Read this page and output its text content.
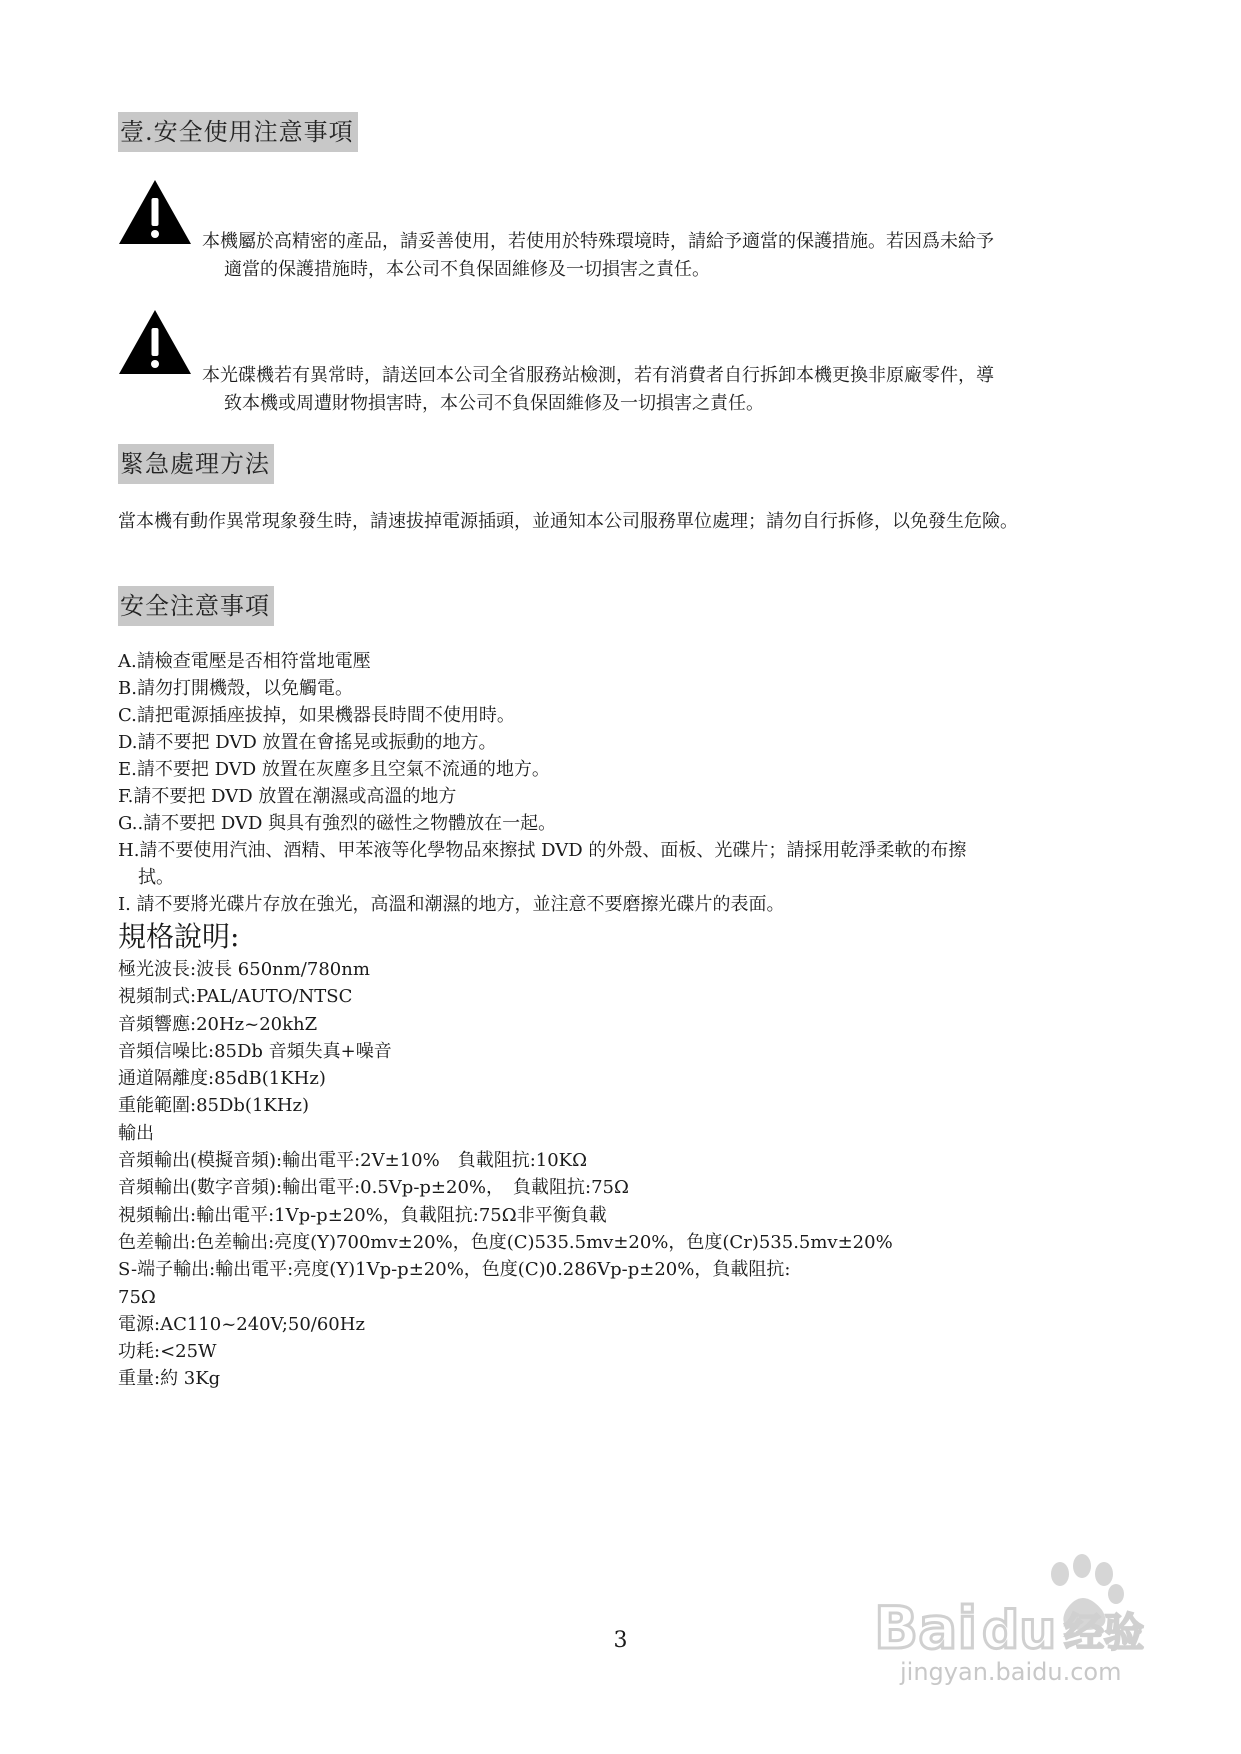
壹.安全使用注意事項
本機屬於高精密的產品，請妥善使用，若使用於特殊環境時，請給予適當的保護措施。若因爲未給予
適當的保護措施時，本公司不負保固維修及一切損害之責任。
本光碟機若有異常時，請送回本公司全省服務站檢測，若有消費者自行拆卸本機更換非原廠零件，導
致本機或周遭財物損害時，本公司不負保固維修及一切損害之責任。
緊急處理方法
當本機有動作異常現象發生時，請速拔掉電源插頭，並通知本公司服務單位處理；請勿自行拆修，以免發生危險。
安全注意事項
A.請檢查電壓是否相符當地電壓
B.請勿打開機殼，以免觸電。
C.請把電源插座拔掉，如果機器長時間不使用時。
D.請不要把 DVD 放置在會搖晃或振動的地方。
E.請不要把 DVD 放置在灰塵多且空氣不流通的地方。
F.請不要把 DVD 放置在潮濕或高溫的地方
G..請不要把 DVD 與具有強烈的磁性之物體放在一起。
H.請不要使用汽油、酒精、甲苯液等化學物品來擦拭 DVD 的外殼、面板、光碟片；請採用乾淨柔軟的布擦
拭。
I. 請不要將光碟片存放在強光，高溫和潮濕的地方，並注意不要磨擦光碟片的表面。
規格說明:
極光波長:波長 650nm/780nm
視頻制式:PAL/AUTO/NTSC
音頻響應:20Hz~20khZ
音頻信噪比:85Db 音頻失真+噪音
通道隔離度:85dB(1KHz)
重能範圍:85Db(1KHz)
輸出
音頻輸出(模擬音頻):輸出電平:2V±10%　負載阻抗:10KΩ
音頻輸出(數字音頻):輸出電平:0.5Vp-p±20%，　負載阻抗:75Ω
視頻輸出:輸出電平:1Vp-p±20%，負載阻抗:75Ω非平衡負載
色差輸出:色差輸出:亮度(Y)700mv±20%，色度(C)535.5mv±20%，色度(Cr)535.5mv±20%
S-端子輸出:輸出電平:亮度(Y)1Vp-p±20%，色度(C)0.286Vp-p±20%，負載阻抗:
75Ω
電源:AC110~240V;50/60Hz
功耗:<25W
重量:約 3Kg
3	Bai du 经验
jingyan.baidu.com
